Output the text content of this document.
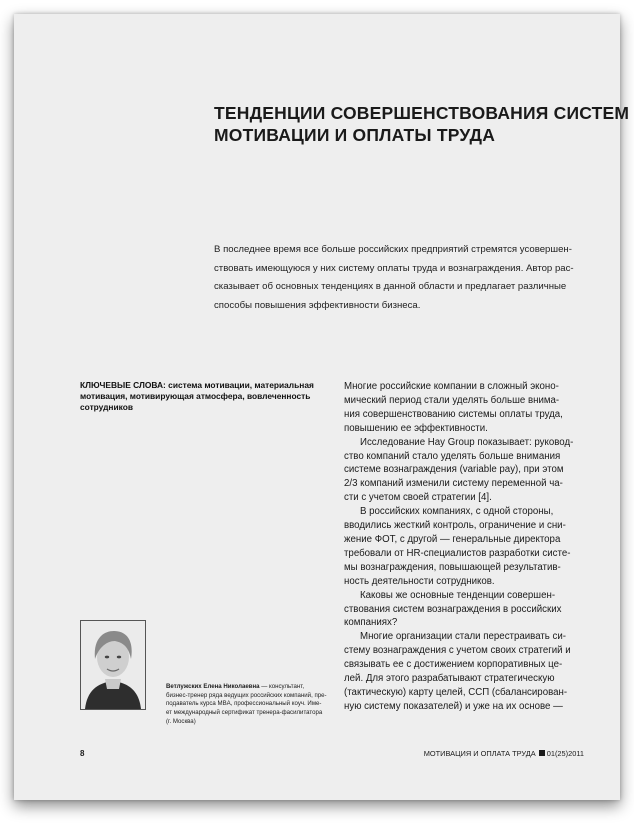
ТЕНДЕНЦИИ СОВЕРШЕНСТВОВАНИЯ СИСТЕМ
МОТИВАЦИИ И ОПЛАТЫ ТРУДА
В последнее время все больше российских предприятий стремятся усовершен-
ствовать имеющуюся у них систему оплаты труда и вознаграждения. Автор рас-
сказывает об основных тенденциях в данной области и предлагает различные
способы повышения эффективности бизнеса.
КЛЮЧЕВЫЕ СЛОВА: система мотивации, материальная
мотивация, мотивирующая атмосфера, вовлеченность
сотрудников
Многие российские компании в сложный эконо-
мический период стали уделять больше внима-
ния совершенствованию системы оплаты труда,
повышению ее эффективности.
Исследование Hay Group показывает: руковод-
ство компаний стало уделять больше внимания
системе вознаграждения (variable pay), при этом
2/3 компаний изменили систему переменной ча-
сти с учетом своей стратегии [4].
В российских компаниях, с одной стороны,
вводились жесткий контроль, ограничение и сни-
жение ФОТ, с другой — генеральные директора
требовали от HR-специалистов разработки систе-
мы вознаграждения, повышающей результатив-
ность деятельности сотрудников.
Каковы же основные тенденции совершен-
ствования систем вознаграждения в российских
компаниях?
Многие организации стали перестраивать си-
стему вознаграждения с учетом своих стратегий и
связывать ее с достижением корпоративных це-
лей. Для этого разрабатывают стратегическую
(тактическую) карту целей, ССП (сбалансирован-
ную систему показателей) и уже на их основе —
Ветлужских Елена Николаевна — консультант,
бизнес-тренер ряда ведущих российских компаний, пре-
подаватель курса MBA, профессиональный коуч. Име-
ет международный сертификат тренера-фасилитатора
(г. Москва)
8	МОТИВАЦИЯ И ОПЛАТА ТРУДА 01(25)2011
